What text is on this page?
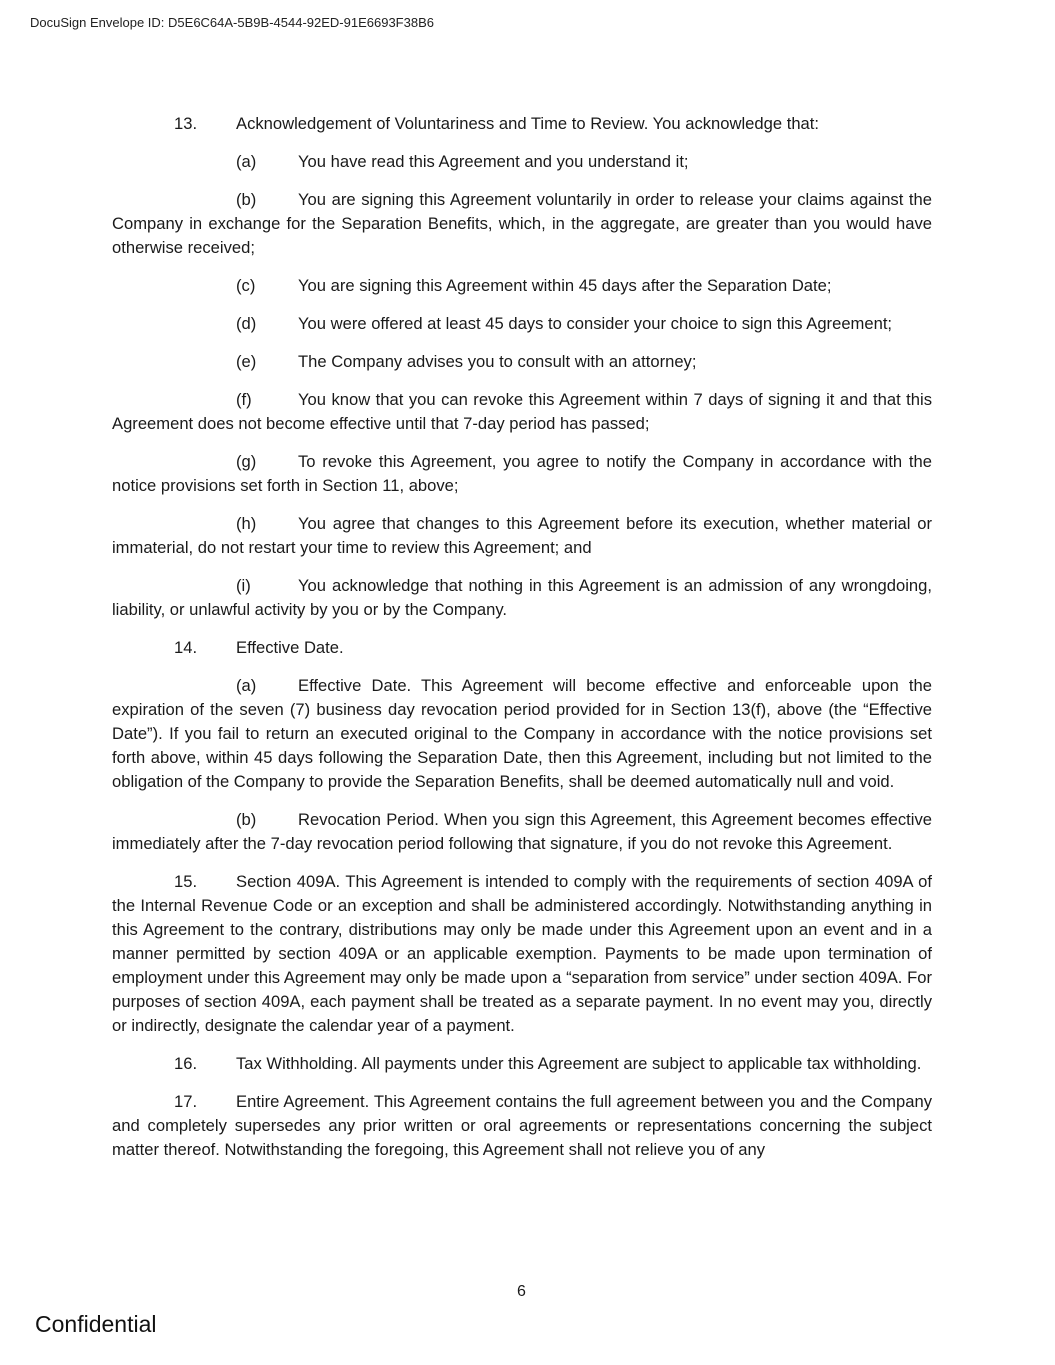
DocuSign Envelope ID: D5E6C64A-5B9B-4544-92ED-91E6693F38B6

13. Acknowledgement of Voluntariness and Time to Review. You acknowledge that:

(a)	You have read this Agreement and you understand it;

(b)	You are signing this Agreement voluntarily in order to release your claims against the Company in exchange for the Separation Benefits, which, in the aggregate, are greater than you would have otherwise received;

(c)	You are signing this Agreement within 45 days after the Separation Date;

(d)	You were offered at least 45 days to consider your choice to sign this Agreement;

(e)	The Company advises you to consult with an attorney;

(f)	You know that you can revoke this Agreement within 7 days of signing it and that this Agreement does not become effective until that 7-day period has passed;

(g)	To revoke this Agreement, you agree to notify the Company in accordance with the notice provisions set forth in Section 11, above;

(h)	You agree that changes to this Agreement before its execution, whether material or immaterial, do not restart your time to review this Agreement; and

(i)	You acknowledge that nothing in this Agreement is an admission of any wrongdoing, liability, or unlawful activity by you or by the Company.

14. Effective Date.

(a)	Effective Date. This Agreement will become effective and enforceable upon the expiration of the seven (7) business day revocation period provided for in Section 13(f), above (the “Effective Date”). If you fail to return an executed original to the Company in accordance with the notice provisions set forth above, within 45 days following the Separation Date, then this Agreement, including but not limited to the obligation of the Company to provide the Separation Benefits, shall be deemed automatically null and void.

(b)	Revocation Period. When you sign this Agreement, this Agreement becomes effective immediately after the 7-day revocation period following that signature, if you do not revoke this Agreement.

15. Section 409A. This Agreement is intended to comply with the requirements of section 409A of the Internal Revenue Code or an exception and shall be administered accordingly. Notwithstanding anything in this Agreement to the contrary, distributions may only be made under this Agreement upon an event and in a manner permitted by section 409A or an applicable exemption. Payments to be made upon termination of employment under this Agreement may only be made upon a “separation from service” under section 409A. For purposes of section 409A, each payment shall be treated as a separate payment. In no event may you, directly or indirectly, designate the calendar year of a payment.

16. Tax Withholding. All payments under this Agreement are subject to applicable tax withholding.

17. Entire Agreement. This Agreement contains the full agreement between you and the Company and completely supersedes any prior written or oral agreements or representations concerning the subject matter thereof. Notwithstanding the foregoing, this Agreement shall not relieve you of any

6
Confidential
